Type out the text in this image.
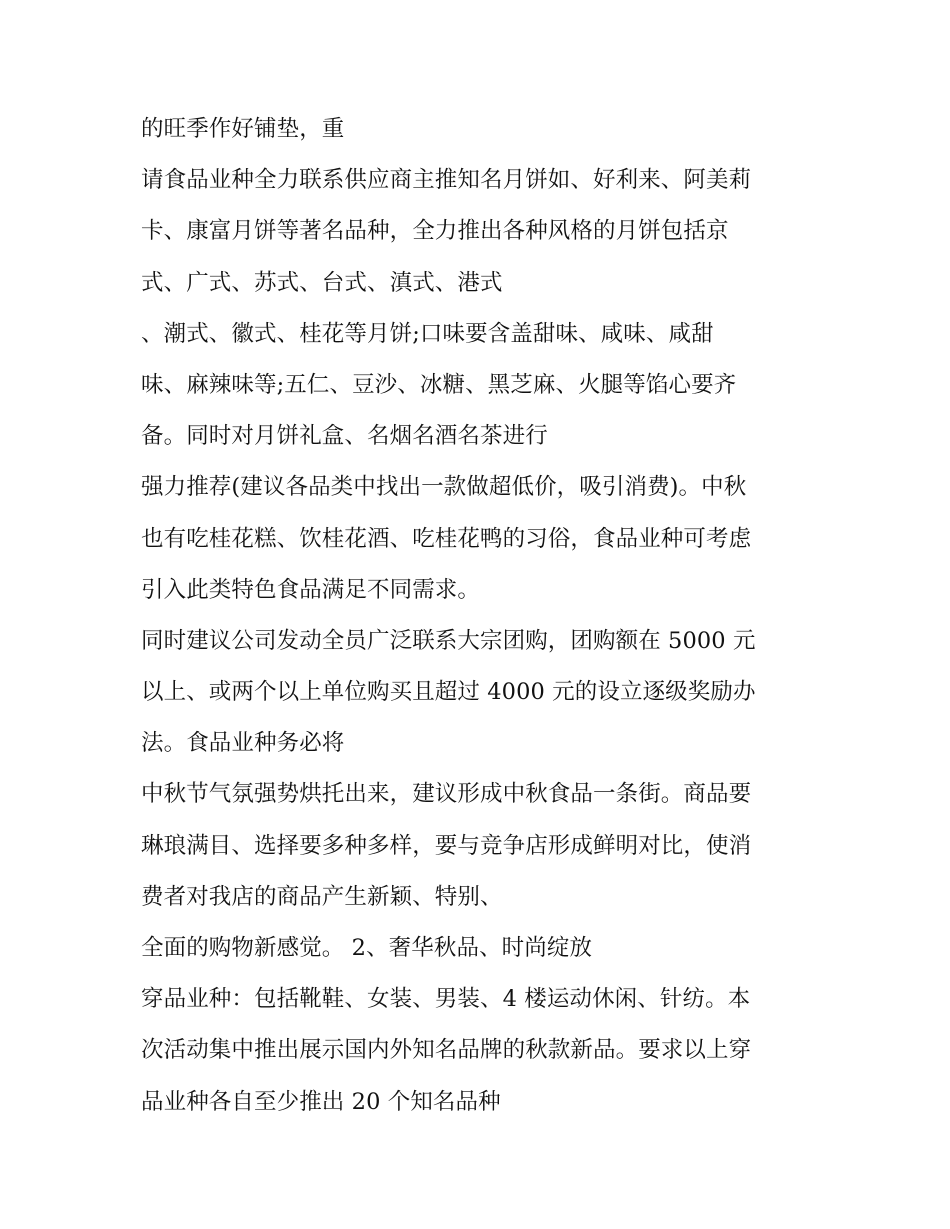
的旺季作好铺垫，重
请食品业种全力联系供应商主推知名月饼如、好利来、阿美莉
卡、康富月饼等著名品种，全力推出各种风格的月饼包括京
式、广式、苏式、台式、滇式、港式
、潮式、徽式、桂花等月饼;口味要含盖甜味、咸味、咸甜
味、麻辣味等;五仁、豆沙、冰糖、黑芝麻、火腿等馅心要齐
备。同时对月饼礼盒、名烟名酒名茶进行
强力推荐(建议各品类中找出一款做超低价，吸引消费)。中秋
也有吃桂花糕、饮桂花酒、吃桂花鸭的习俗，食品业种可考虑
引入此类特色食品满足不同需求。
同时建议公司发动全员广泛联系大宗团购，团购额在 5000 元
以上、或两个以上单位购买且超过 4000 元的设立逐级奖励办
法。食品业种务必将
中秋节气氛强势烘托出来，建议形成中秋食品一条街。商品要
琳琅满目、选择要多种多样，要与竞争店形成鲜明对比，使消
费者对我店的商品产生新颖、特别、
全面的购物新感觉。 2、奢华秋品、时尚绽放
穿品业种：包括靴鞋、女装、男装、4 楼运动休闲、针纺。本
次活动集中推出展示国内外知名品牌的秋款新品。要求以上穿
品业种各自至少推出 20 个知名品种
